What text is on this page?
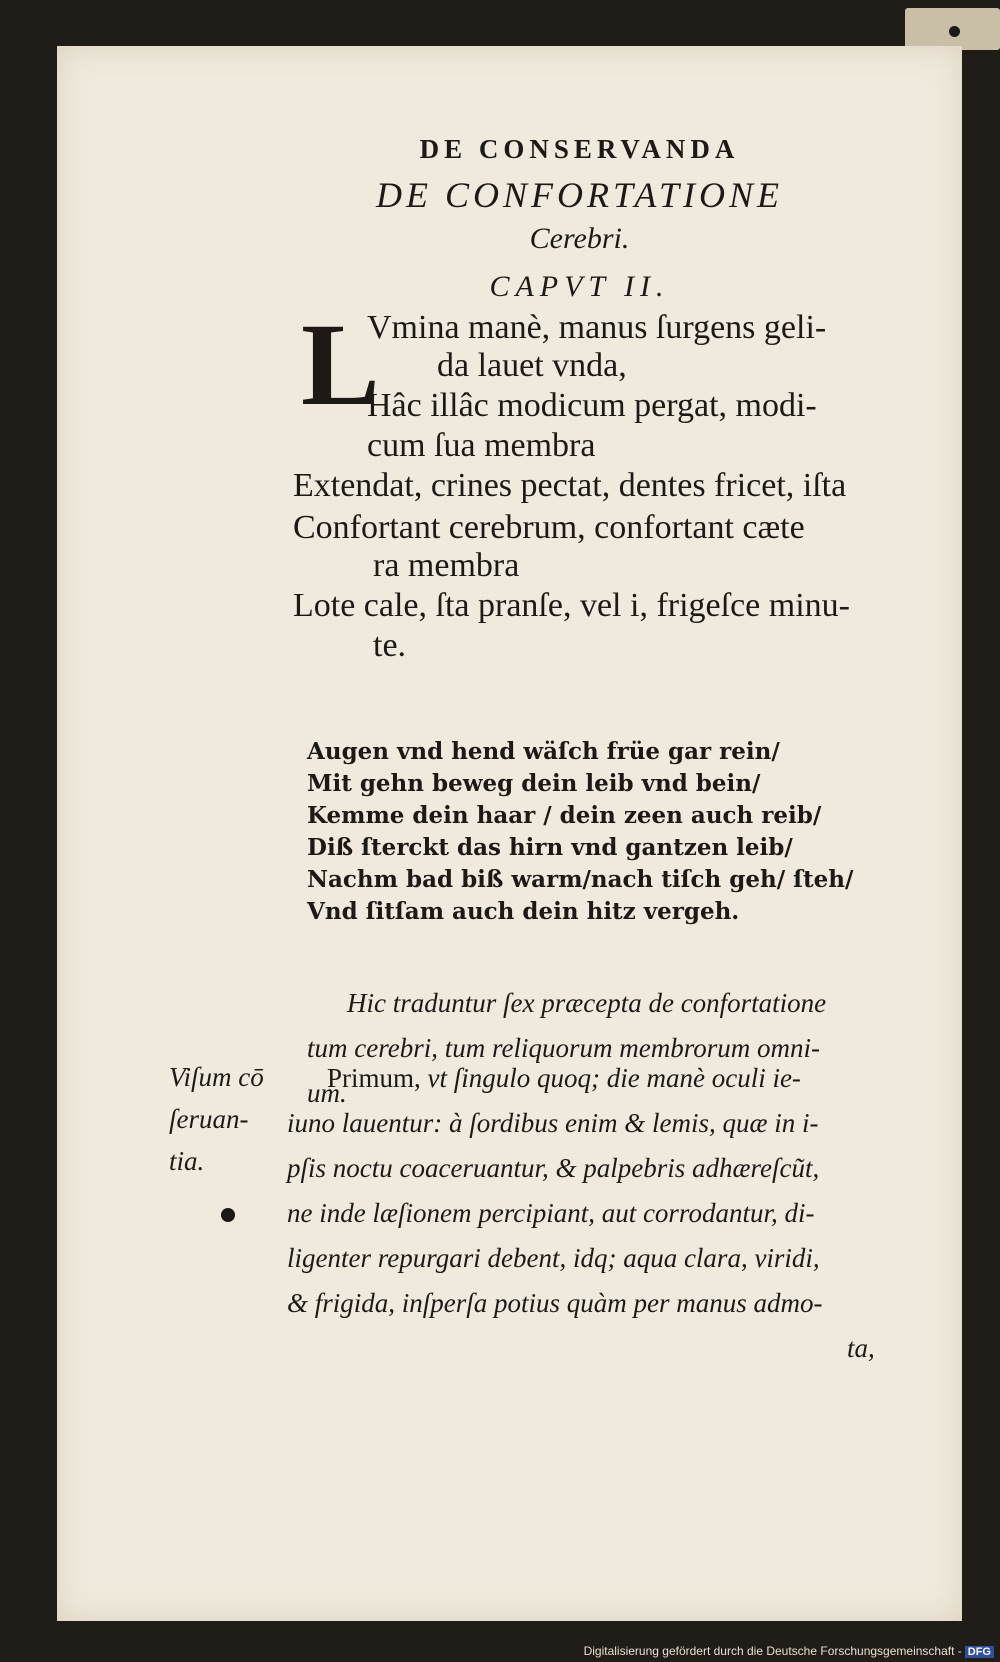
DE CONSERVANDA
DE CONFORTATIONE
Cerebri.
CAPVT II.
L
Vmina manè, manus ſurgens geli-
da lauet vnda,
Hâc illâc modicum pergat, modi-
cum ſua membra
Extendat, crines pectat, dentes fricet, iſta
Confortant cerebrum, confortant cæte
ra membra
Lote cale, ſta pranſe, vel i, frigeſce minu-
te.
Augen vnd hend wäſch früe gar rein/
Mit gehn beweg dein leib vnd bein/
Kemme dein haar / dein zeen auch reib/
Diß ſterckt das hirn vnd gantzen leib/
Nachm bad biß warm/nach tiſch geh/ ſteh/
Vnd ſitſam auch dein hitz vergeh.
Hic traduntur ſex præcepta de confortatione
tum cerebri, tum reliquorum membrorum omni-
um.
Viſum cō
ſeruan-
tia.
Primum, vt ſingulo quoq; die manè oculi ie-
iuno lauentur: à ſordibus enim & lemis, quæ in i-
pſis noctu coaceruantur, & palpebris adhæreſcũt,
ne inde læſionem percipiant, aut corrodantur, di-
ligenter repurgari debent, idq; aqua clara, viridi,
& frigida, inſperſa potius quàm per manus admo-
ta,
Digitalisierung gefördert durch die Deutsche Forschungsgemeinschaft - DFG
